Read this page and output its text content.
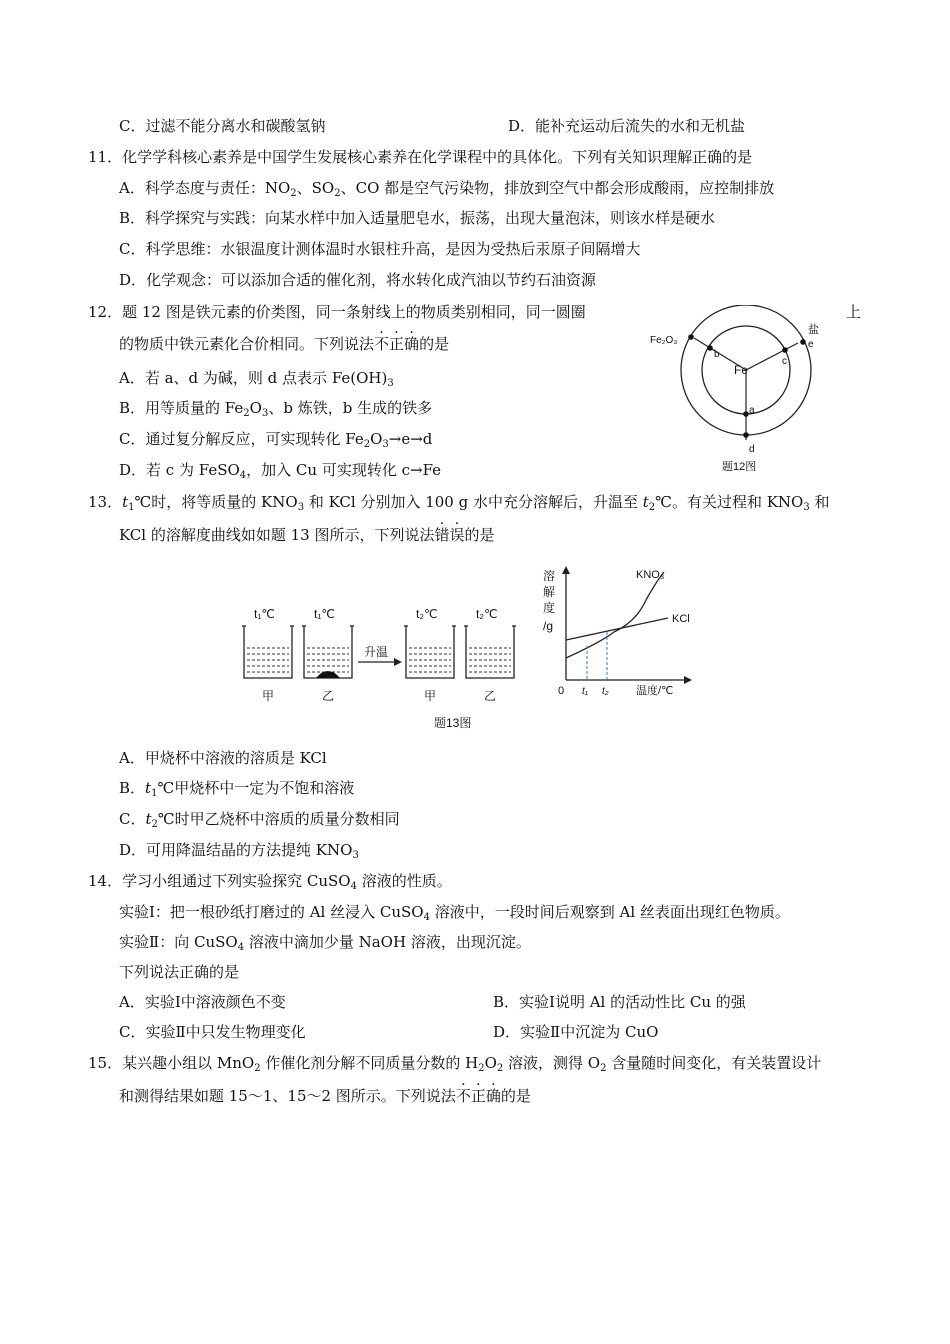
C．过滤不能分离水和碳酸氢钠	D．能补充运动后流失的水和无机盐
11．化学学科核心素养是中国学生发展核心素养在化学课程中的具体化。下列有关知识理解正确的是
A．科学态度与责任：$NO_2$、$SO_2$、CO 都是空气污染物，排放到空气中都会形成酸雨，应控制排放
B．科学探究与实践：向某水样中加入适量肥皂水，振荡，出现大量泡沫，则该水样是硬水
C．科学思维：水银温度计测体温时水银柱升高，是因为受热后汞原子间隔增大
D．化学观念：可以添加合适的催化剂，将水转化成汽油以节约石油资源
12．题 12 图是铁元素的价类图，同一条射线上的物质类别相同，同一圆圈	上
的物质中铁元素化合价相同。下列说法不正确的是
A．若 a、d 为碱，则 d 点表示 $Fe(OH)_3$
B．用等质量的 $Fe_2O_3$、b 炼铁，b 生成的铁多
C．通过复分解反应，可实现转化 $Fe_2O_3\to e\to d$
D．若 c 为 FeSO$_4$，加入 Cu 可实现转化 c→Fe
Fe
a
d
b
c
e
Fe₂O₃
盐
题12图
13．$t_1℃$时，将等质量的 $KNO_3$ 和 KCl 分别加入 100 g 水中充分溶解后，升温至 $t_2℃$。有关过程和 $KNO_3$ 和
KCl 的溶解度曲线如如题 13 图所示，下列说法错误的是
升温
t₁℃	t₁℃	t₂℃	t₂℃
甲	乙	甲	乙
题13图
溶
解
度
/g
0 t₁ t₂ 温度/℃
KNO₃
KCl
A．甲烧杯中溶液的溶质是 KCl
B．$t_1℃$甲烧杯中一定为不饱和溶液
C．$t_2℃$时甲乙烧杯中溶质的质量分数相同
D．可用降温结晶的方法提纯 $KNO_3$
14．学习小组通过下列实验探究 CuSO$_4$ 溶液的性质。
实验Ⅰ：把一根砂纸打磨过的 Al 丝浸入 CuSO$_4$ 溶液中，一段时间后观察到 Al 丝表面出现红色物质。
实验Ⅱ：向 CuSO$_4$ 溶液中滴加少量 NaOH 溶液，出现沉淀。
下列说法正确的是
A．实验Ⅰ中溶液颜色不变	B．实验Ⅰ说明 Al 的活动性比 Cu 的强
C．实验Ⅱ中只发生物理变化	D．实验Ⅱ中沉淀为 CuO
15．某兴趣小组以 MnO$_2$ 作催化剂分解不同质量分数的 $H_2O_2$ 溶液，测得 $O_2$ 含量随时间变化，有关装置设计
和测得结果如题 15～1、15～2 图所示。下列说法不正确的是
